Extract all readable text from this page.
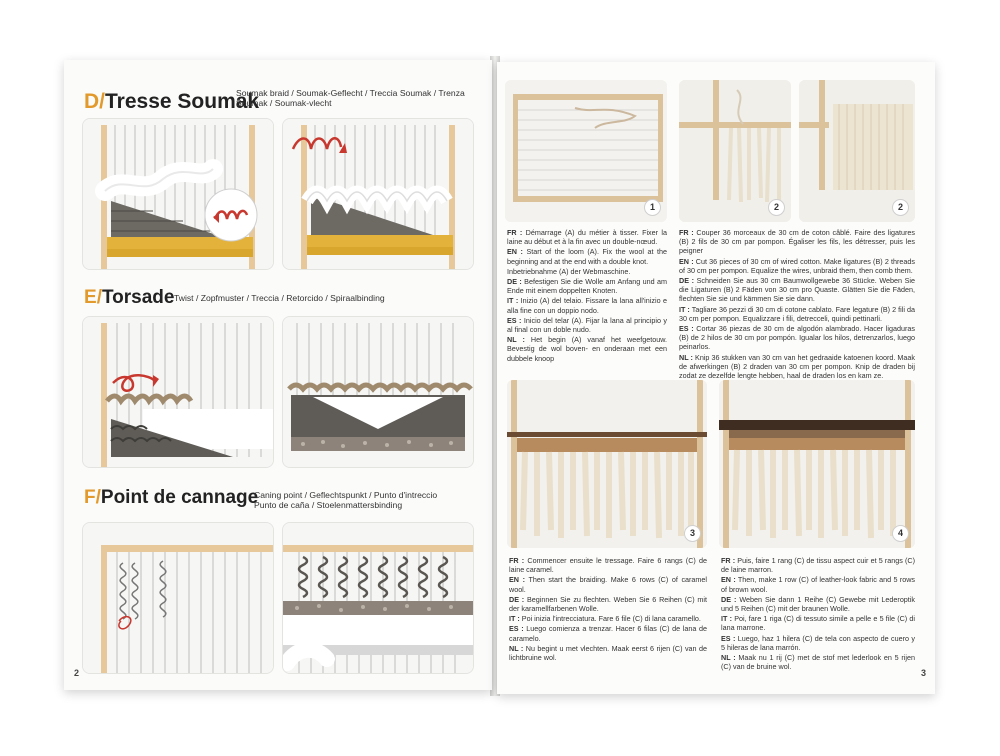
D/Tresse Soumak
Soumak braid / Soumak-Geflecht / Treccia Soumak / Trenza
Soumak / Soumak-vlecht
E/Torsade Twist / Zopfmuster / Treccia / Retorcido / Spiraalbinding
F/Point de cannage
Caning point / Geflechtspunkt / Punto d'intreccio
Punto de caña / Stoelenmattersbinding
2
1	2	2

FR : Démarrage (A) du métier à tisser. Fixer la laine au début et à la fin avec un double-nœud.

EN : Start of the loom (A). Fix the wool at the beginning and at the end with a double knot.

Inbetriebnahme (A) der Webmaschine.

DE : Befestigen Sie die Wolle am Anfang und am Ende mit einem doppelten Knoten.

IT : Inizio (A) del telaio. Fissare la lana all'inizio e alla fine con un doppio nodo.

ES : Inicio del telar (A). Fijar la lana al principio y al final con un doble nudo.

NL : Het begin (A) vanaf het weefgetouw. Bevestig de wol boven- en onderaan met een dubbele knoop

FR : Couper 36 morceaux de 30 cm de coton câblé. Faire des ligatures (B) 2 fils de 30 cm par pompon. Égaliser les fils, les détresser, puis les peigner

EN : Cut 36 pieces of 30 cm of wired cotton. Make ligatures (B) 2 threads of 30 cm per pompon. Equalize the wires, unbraid them, then comb them.

DE : Schneiden Sie aus 30 cm Baumwollgewebe 36 Stücke. Weben Sie die Ligaturen (B) 2 Fäden von 30 cm pro Quaste. Glätten Sie die Fäden, flechten Sie sie und kämmen Sie sie dann.

IT : Tagliare 36 pezzi di 30 cm di cotone cablato. Fare legature (B) 2 fili da 30 cm per pompon. Equalizzare i fili, detrecceli, quindi pettinarli.

ES : Cortar 36 piezas de 30 cm de algodón alambrado. Hacer ligaduras (B) de 2 hilos de 30 cm por pompón. Igualar los hilos, detrenzarlos, luego peinarlos.

NL : Knip 36 stukken van 30 cm van het gedraaide katoenen koord. Maak de afwerkingen (B) 2 draden van 30 cm per pompon. Knip de draden bij zodat ze dezelfde lengte hebben, haal de draden los en kam ze.

3	4

FR : Commencer ensuite le tressage. Faire 6 rangs (C) de laine caramel.

EN : Then start the braiding. Make 6 rows (C) of caramel wool.

DE : Beginnen Sie zu flechten. Weben Sie 6 Reihen (C) mit der karamellfarbenen Wolle.

IT : Poi inizia l'intrecciatura. Fare 6 file (C) di lana caramello.

ES : Luego comienza a trenzar. Hacer 6 filas (C) de lana de caramelo.

NL : Nu begint u met vlechten. Maak eerst 6 rijen (C) van de lichtbruine wol.

FR : Puis, faire 1 rang (C) de tissu aspect cuir et 5 rangs (C) de laine marron.

EN : Then, make 1 row (C) of leather-look fabric and 5 rows of brown wool.

DE : Weben Sie dann 1 Reihe (C) Gewebe mit Lederoptik und 5 Reihen (C) mit der braunen Wolle.

IT : Poi, fare 1 riga (C) di tessuto simile a pelle e 5 file (C) di lana marrone.

ES : Luego, haz 1 hilera (C) de tela con aspecto de cuero y 5 hileras de lana marrón.

NL : Maak nu 1 rij (C) met de stof met lederlook en 5 rijen (C) van de bruine wol.

3
